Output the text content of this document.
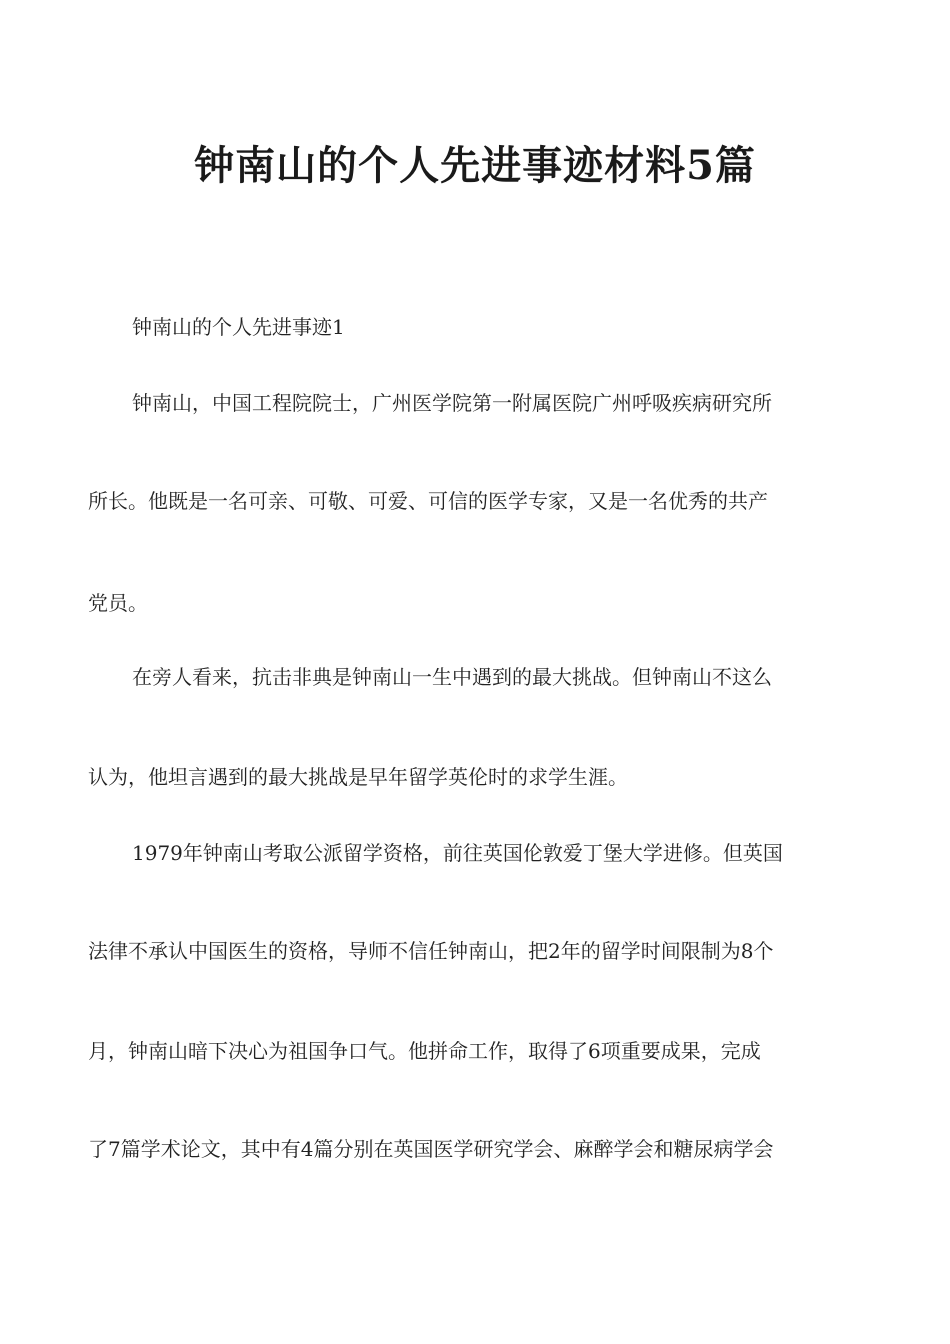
钟南山的个人先进事迹材料5篇
钟南山的个人先进事迹1
钟南山，中国工程院院士，广州医学院第一附属医院广州呼吸疾病研究所
所长。他既是一名可亲、可敬、可爱、可信的医学专家，又是一名优秀的共产
党员。
在旁人看来，抗击非典是钟南山一生中遇到的最大挑战。但钟南山不这么
认为，他坦言遇到的最大挑战是早年留学英伦时的求学生涯。
1979年钟南山考取公派留学资格，前往英国伦敦爱丁堡大学进修。但英国
法律不承认中国医生的资格，导师不信任钟南山，把2年的留学时间限制为8个
月，钟南山暗下决心为祖国争口气。他拼命工作，取得了6项重要成果，完成
了7篇学术论文，其中有4篇分别在英国医学研究学会、麻醉学会和糖尿病学会
